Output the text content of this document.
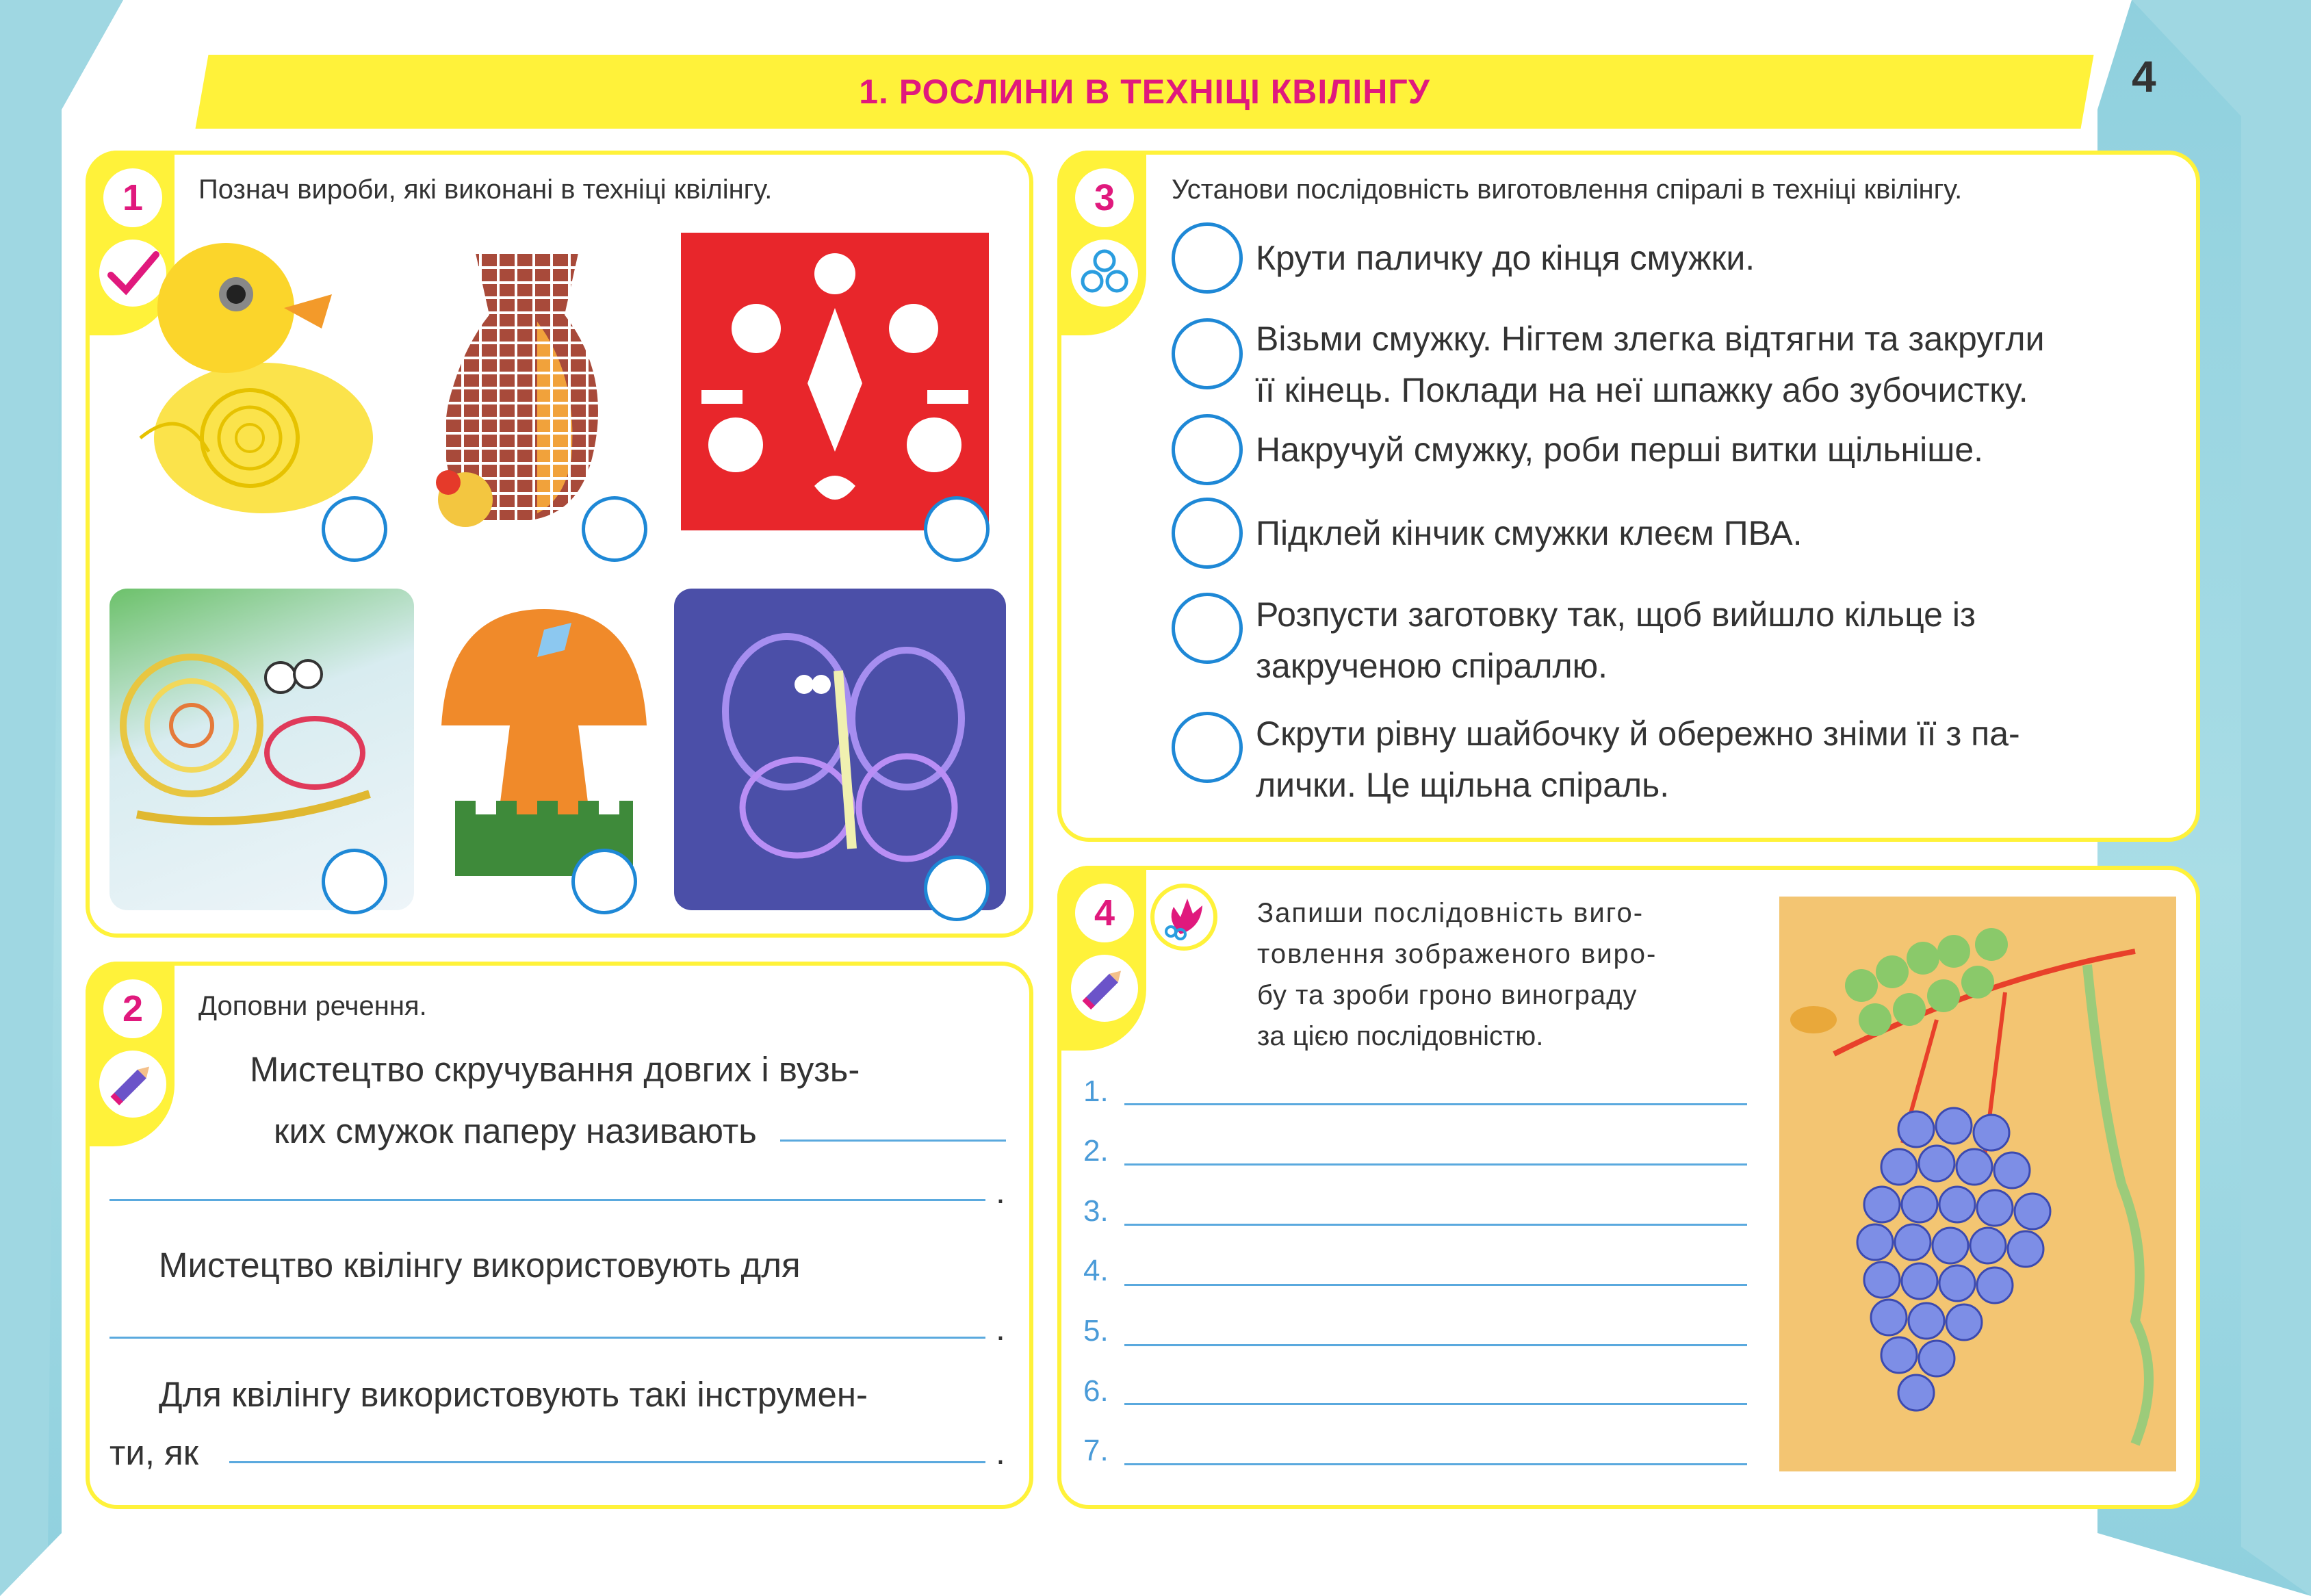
1. РОСЛИНИ В ТЕХНІЦІ КВІЛІНГУ	4
1	Познач вироби, які виконані в техніці квілінгу.
2	Доповни речення.
Мистецтво скручування довгих і вузь-
ких смужок паперу називають
.
Мистецтво квілінгу використовують для
.
Для квілінгу використовують такі інструмен-
ти, як	.
3	Установи послідовність виготовлення спіралі в техніці квілінгу.
Крути паличку до кінця смужки.
Візьми смужку. Нігтем злегка відтягни та закругли
її кінець. Поклади на неї шпажку або зубочистку.
Накручуй смужку, роби перші витки щільніше.
Підклей кінчик смужки клеєм ПВА.
Розпусти заготовку так, щоб вийшло кільце із
закрученою спіраллю.
Скрути рівну шайбочку й обережно зніми її з па-
лички. Це щільна спіраль.
4	Запиши послідовність виго-
товлення зображеного виро-
бу та зроби гроно винограду
за цією послідовністю.
1.
2.
3.
4.
5.
6.
7.
